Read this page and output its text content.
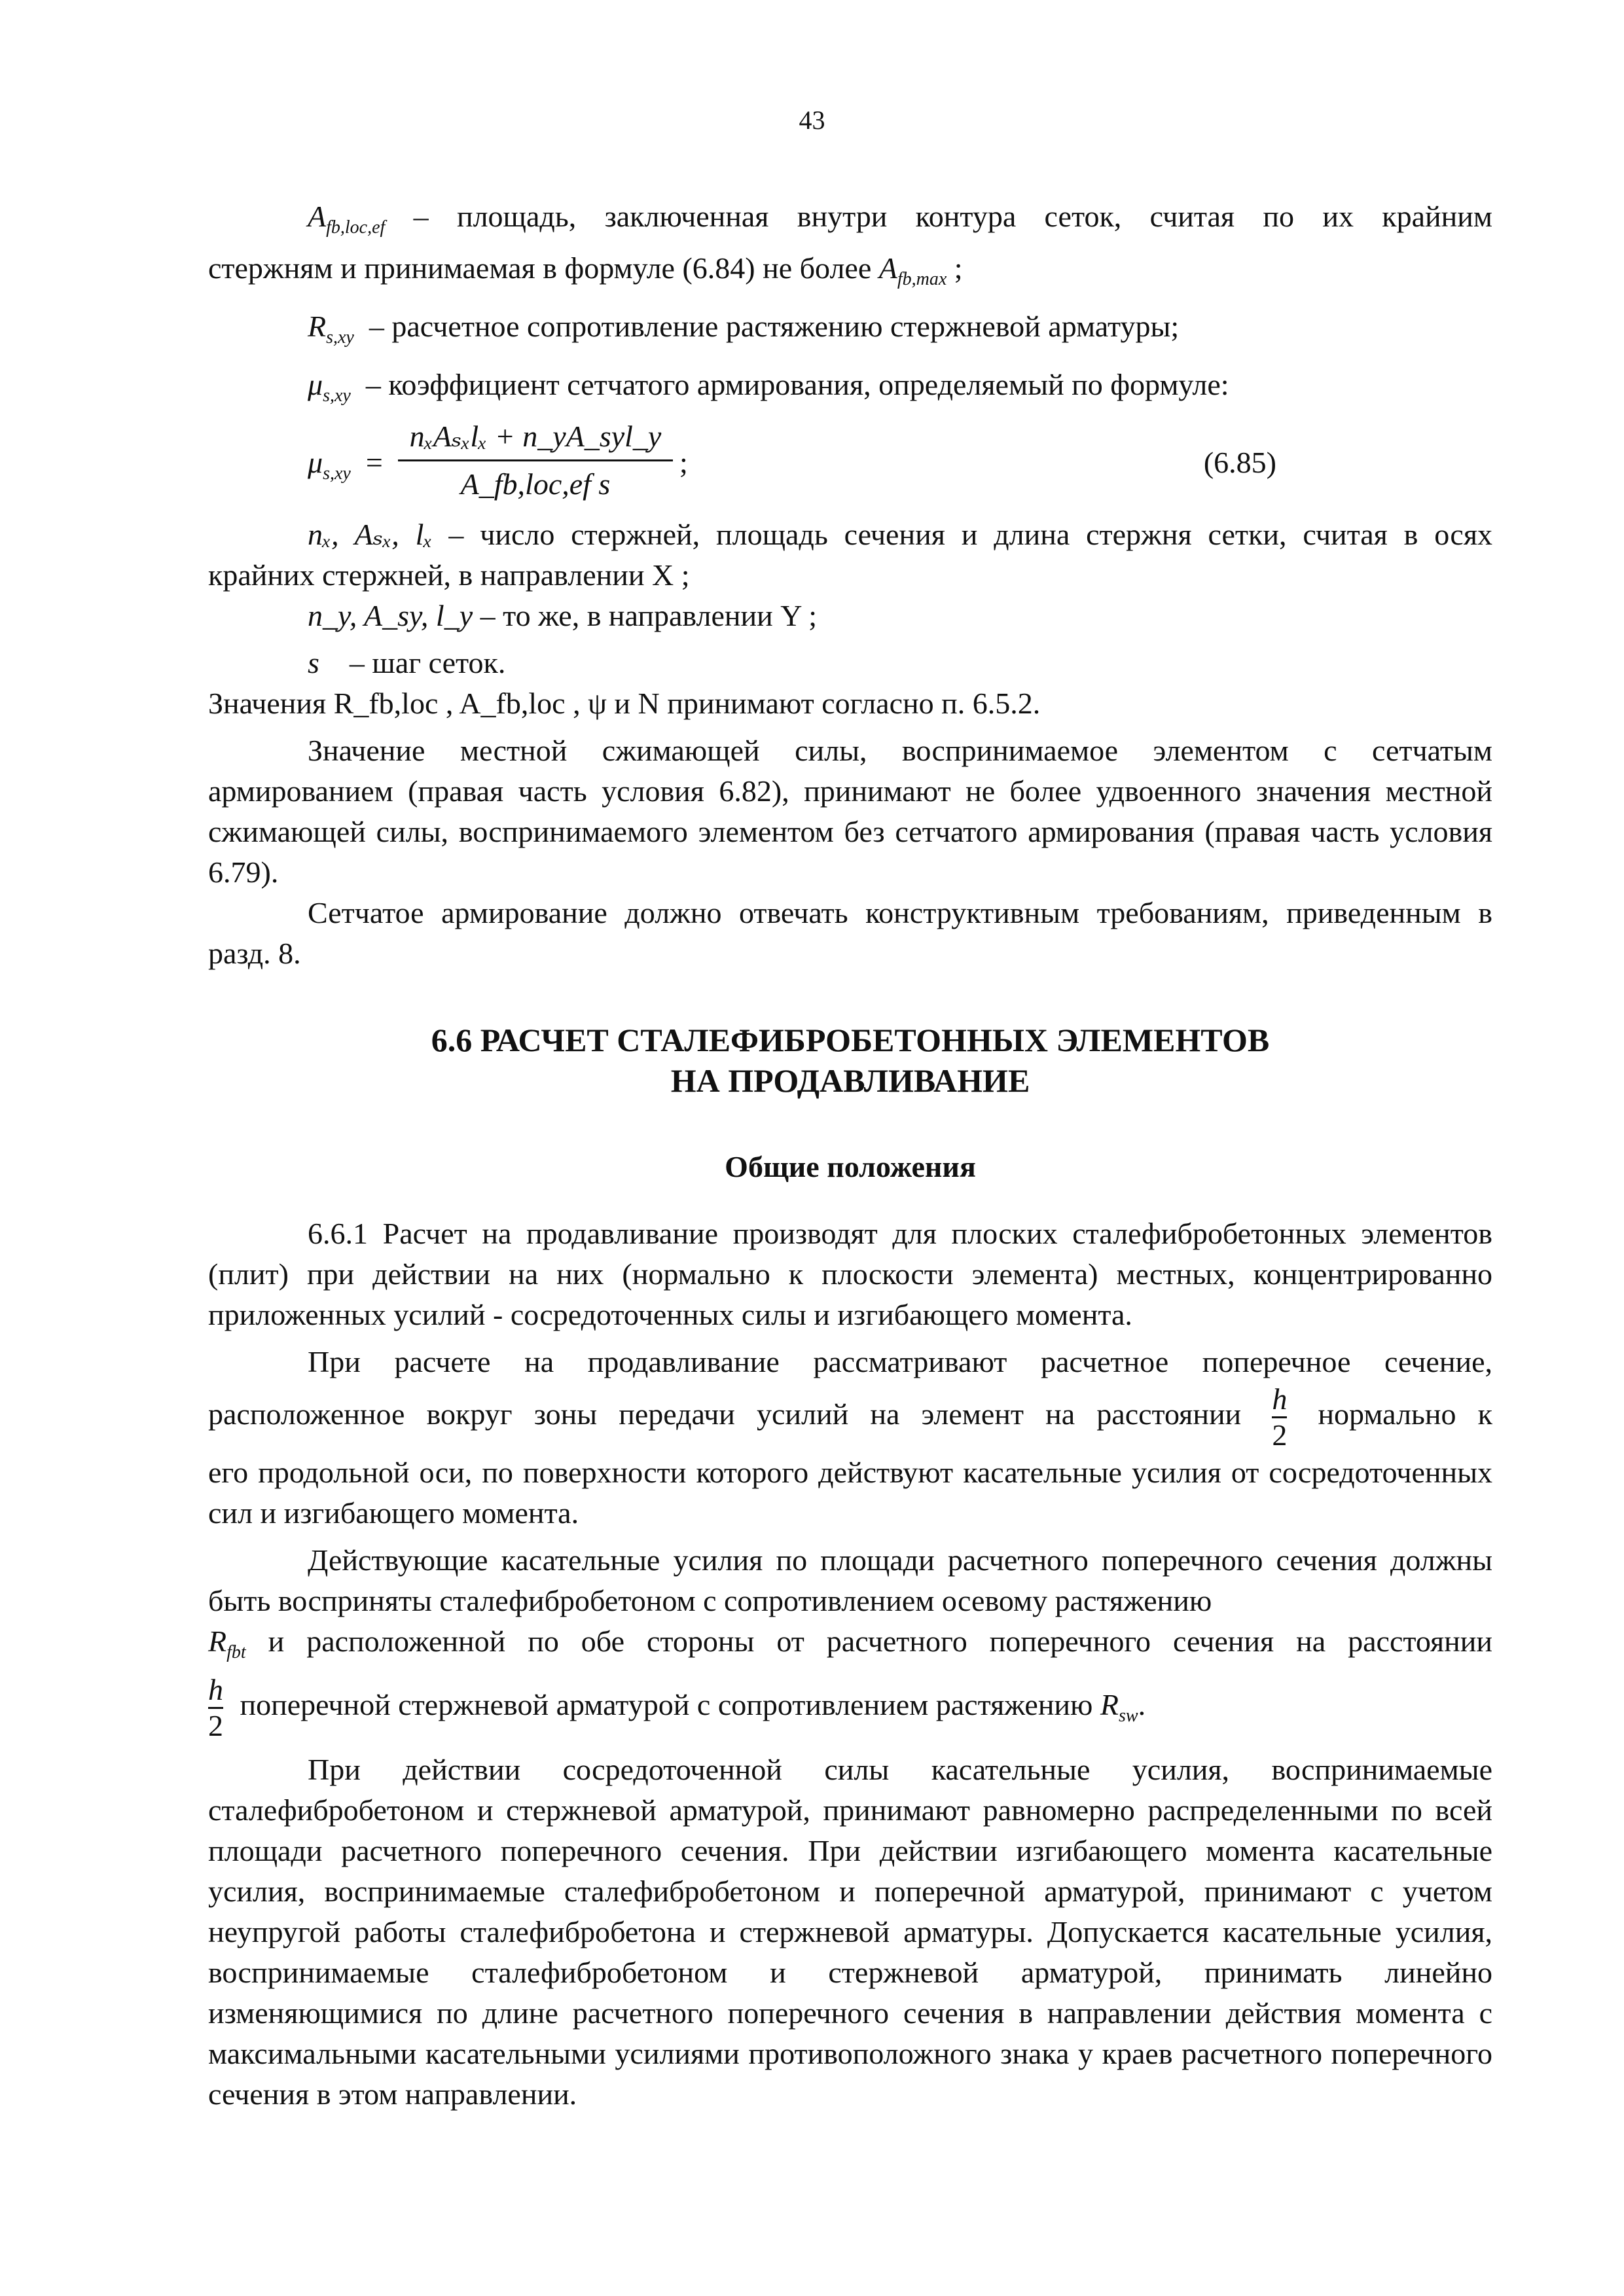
43

$A_{fb,loc,ef}$ – площадь, заключенная внутри контура сеток, считая по их крайним

стержням и принимаемая в формуле (6.84) не более $A_{fb,max}$ ;

$R_{s,xy}$ – расчетное сопротивление растяжению стержневой арматуры;

$\mu_{s,xy}$ – коэффициент сетчатого армирования, определяемый по формуле:

$\mu_{s,xy}$ =
nₓAₛₓlₓ + n_yA_syl_y
A_fb,loc,ef s
;	(6.85)

nₓ, Aₛₓ, lₓ – число стержней, площадь сечения и длина стержня сетки, считая в осях

крайних стержней, в направлении X ;

n_y, A_sy, l_y – то же, в направлении Y ;

s – шаг сеток.

Значения R_fb,loc , A_fb,loc , ψ и N принимают согласно п. 6.5.2.

Значение местной сжимающей силы, воспринимаемое элементом с сетчатым армированием (правая часть условия 6.82), принимают не более удвоенного значения местной сжимающей силы, воспринимаемого элементом без сетчатого армирования (правая часть условия 6.79).

Сетчатое армирование должно отвечать конструктивным требованиям, приведенным в разд. 8.

6.6 РАСЧЕТ СТАЛЕФИБРОБЕТОННЫХ ЭЛЕМЕНТОВ
НА ПРОДАВЛИВАНИЕ

Общие положения

6.6.1 Расчет на продавливание производят для плоских сталефибробетонных элементов (плит) при действии на них (нормально к плоскости элемента) местных, концентрированно приложенных усилий - сосредоточенных силы и изгибающего момента.

При расчете на продавливание рассматривают расчетное поперечное сечение,

расположенное вокруг зоны передачи усилий на элемент на расстоянии $\frac{h}{2}$ нормально к

его продольной оси, по поверхности которого действуют касательные усилия от сосредоточенных сил и изгибающего момента.

Действующие касательные усилия по площади расчетного поперечного сечения должны быть восприняты сталефибробетоном с сопротивлением осевому растяжению

$R_{fbt}$ и расположенной по обе стороны от расчетного поперечного сечения на расстоянии

$\frac{h}{2}$ поперечной стержневой арматурой с сопротивлением растяжению $R_{sw}$.

При действии сосредоточенной силы касательные усилия, воспринимаемые сталефибробетоном и стержневой арматурой, принимают равномерно распределенными по всей площади расчетного поперечного сечения. При действии изгибающего момента касательные усилия, воспринимаемые сталефибробетоном и поперечной арматурой, принимают с учетом неупругой работы сталефибробетона и стержневой арматуры. Допускается касательные усилия, воспринимаемые сталефибробетоном и стержневой арматурой, принимать линейно изменяющимися по длине расчетного поперечного сечения в направлении действия момента с максимальными касательными усилиями противоположного знака у краев расчетного поперечного сечения в этом направлении.
